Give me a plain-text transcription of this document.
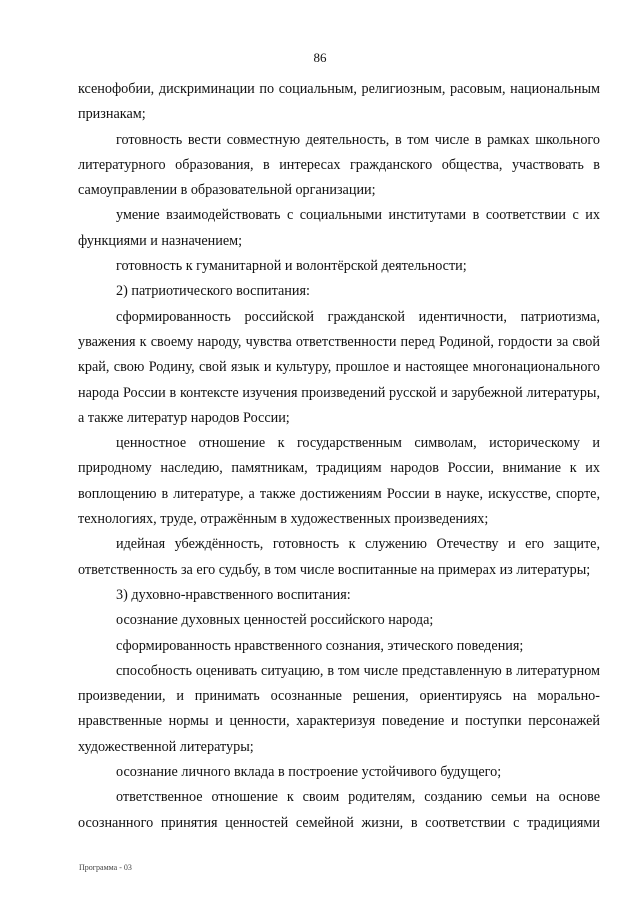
86

ксенофобии, дискриминации по социальным, религиозным, расовым, национальным признакам;

готовность вести совместную деятельность, в том числе в рамках школьного литературного образования, в интересах гражданского общества, участвовать в самоуправлении в образовательной организации;

умение взаимодействовать с социальными институтами в соответствии с их функциями и назначением;

готовность к гуманитарной и волонтёрской деятельности;

2) патриотического воспитания:

сформированность российской гражданской идентичности, патриотизма, уважения к своему народу, чувства ответственности перед Родиной, гордости за свой край, свою Родину, свой язык и культуру, прошлое и настоящее многонационального народа России в контексте изучения произведений русской и зарубежной литературы, а также литератур народов России;

ценностное отношение к государственным символам, историческому и природному наследию, памятникам, традициям народов России, внимание к их воплощению в литературе, а также достижениям России в науке, искусстве, спорте, технологиях, труде, отражённым в художественных произведениях;

идейная убеждённость, готовность к служению Отечеству и его защите, ответственность за его судьбу, в том числе воспитанные на примерах из литературы;

3) духовно-нравственного воспитания:

осознание духовных ценностей российского народа;

сформированность нравственного сознания, этического поведения;

способность оценивать ситуацию, в том числе представленную в литературном произведении, и принимать осознанные решения, ориентируясь на морально-нравственные нормы и ценности, характеризуя поведение и поступки персонажей художественной литературы;

осознание личного вклада в построение устойчивого будущего;

ответственное отношение к своим родителям, созданию семьи на основе осознанного принятия ценностей семейной жизни, в соответствии с традициями

Программа - 03
